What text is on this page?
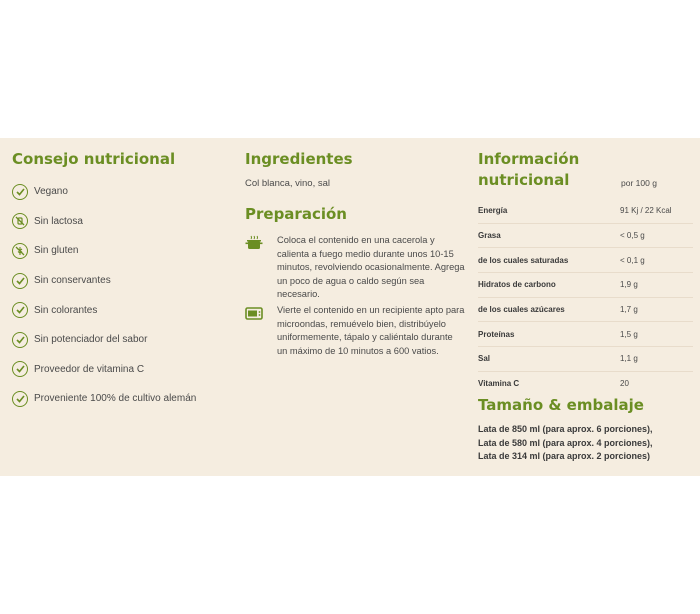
Consejo nutricional
Vegano
Sin lactosa
Sin gluten
Sin conservantes
Sin colorantes
Sin potenciador del sabor
Proveedor de vitamina C
Proveniente 100% de cultivo alemán
Ingredientes
Col blanca, vino, sal
Preparación
Coloca el contenido en una cacerola y calienta a fuego medio durante unos 10-15 minutos, revolviendo ocasionalmente. Agrega un poco de agua o caldo según sea necesario.
Vierte el contenido en un recipiente apto para microondas, remuévelo bien, distribúyelo uniformemente, tápalo y caliéntalo durante un máximo de 10 minutos a 600 vatios.
Información nutricional	por 100 g
Energía	91 Kj / 22 Kcal
Grasa	< 0,5 g
de los cuales saturadas	< 0,1 g
Hidratos de carbono	1,9 g
de los cuales azúcares	1,7 g
Proteínas	1,5 g
Sal	1,1 g
Vitamina C	20
Tamaño & embalaje
Lata de 850 ml (para aprox. 6 porciones),
Lata de 580 ml (para aprox. 4 porciones),
Lata de 314 ml (para aprox. 2 porciones)
